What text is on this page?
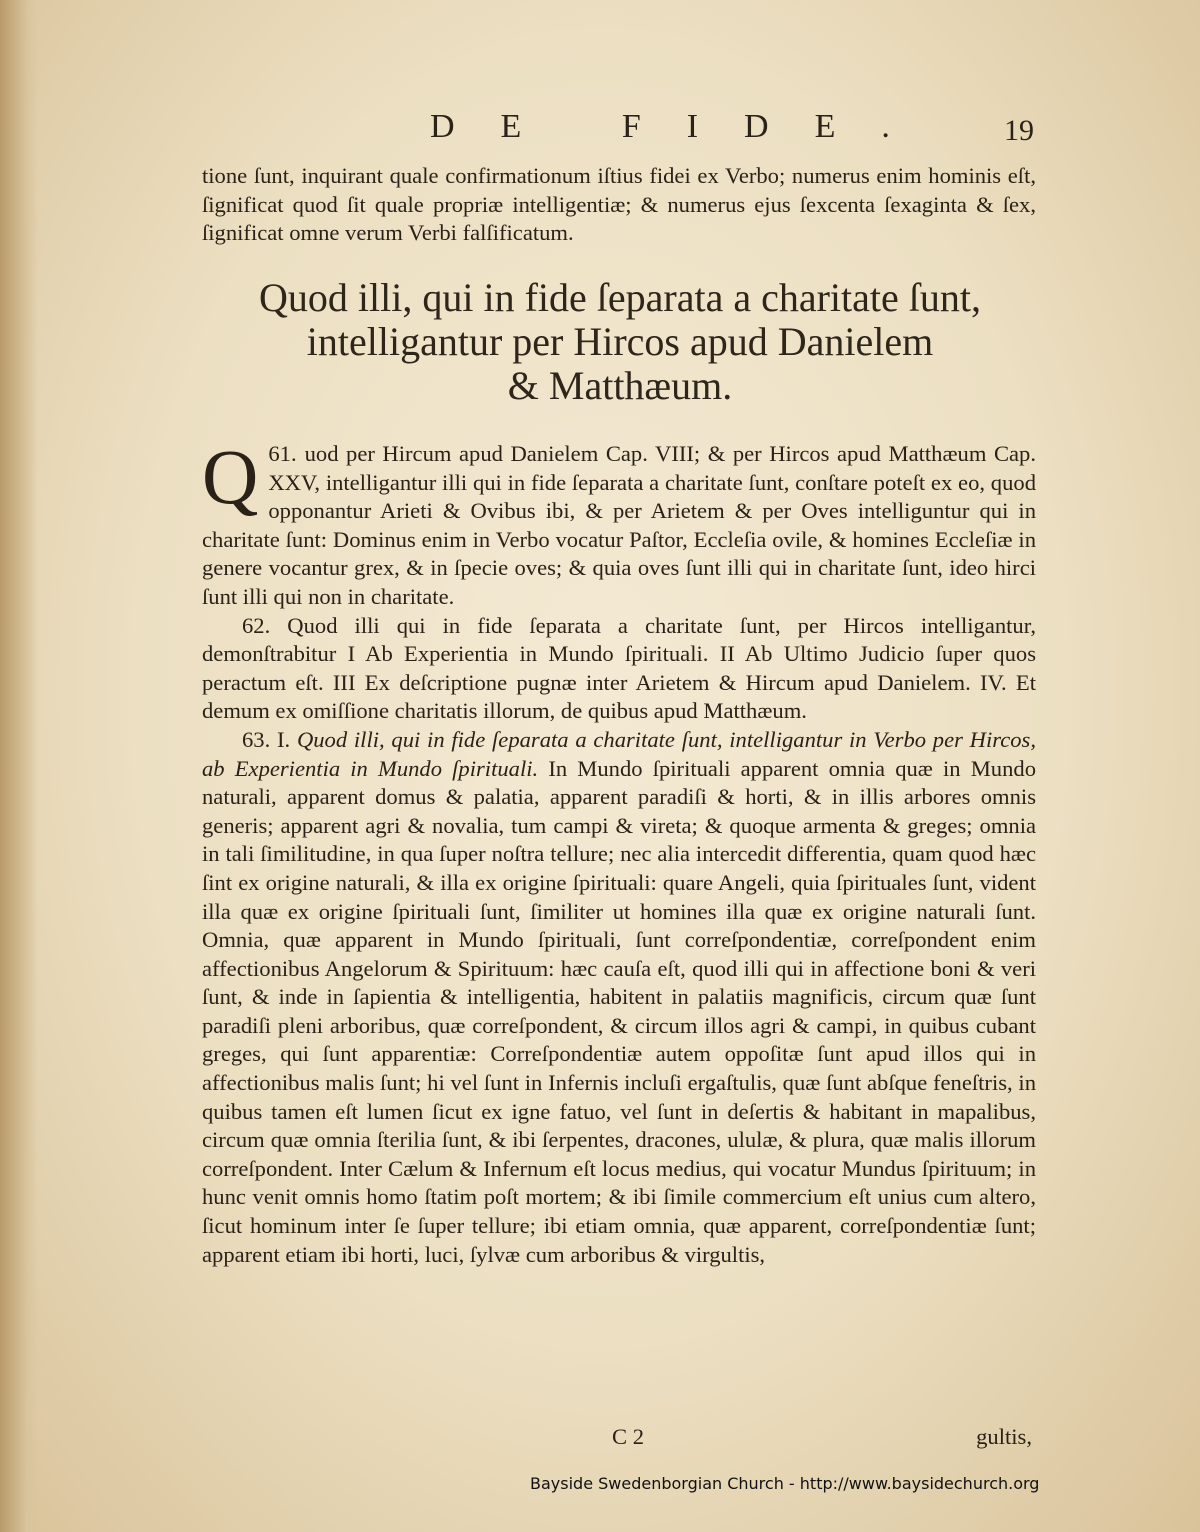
DE FIDE. 19

tione ſunt, inquirant quale confirmationum iſtius fidei ex Verbo; numerus enim hominis eſt, ſignificat quod ſit quale propriæ intelligentiæ; & numerus ejus ſexcenta ſexaginta & ſex, ſignificat omne verum Verbi falſificatum.

Quod illi, qui in fide ſeparata a charitate ſunt,
intelligantur per Hircos apud Danielem
& Matthæum.

61.
Q uod per Hircum apud Danielem Cap. VIII; & per Hircos apud Matthæum Cap. XXV, intelligantur illi qui in fide ſeparata a charitate ſunt, conſtare poteſt ex eo, quod opponantur Arieti & Ovibus ibi, & per Arietem & per Oves intelliguntur qui in charitate ſunt: Dominus enim in Verbo vocatur Paſtor, Eccleſia ovile, & homines Eccleſiæ in genere vocantur grex, & in ſpecie oves; & quia oves ſunt illi qui in charitate ſunt, ideo hirci ſunt illi qui non in charitate.

62. Quod illi qui in fide ſeparata a charitate ſunt, per Hircos intelligantur, demonſtrabitur I Ab Experientia in Mundo ſpirituali. II Ab Ultimo Judicio ſuper quos peractum eſt. III Ex deſcriptione pugnæ inter Arietem & Hircum apud Danielem. IV. Et demum ex omiſſione charitatis illorum, de quibus apud Matthæum.

63. I. Quod illi, qui in fide ſeparata a charitate ſunt, intelligantur in Verbo per Hircos, ab Experientia in Mundo ſpirituali. In Mundo ſpirituali apparent omnia quæ in Mundo naturali, apparent domus & palatia, apparent paradiſi & horti, & in illis arbores omnis generis; apparent agri & novalia, tum campi & vireta; & quoque armenta & greges; omnia in tali ſimilitudine, in qua ſuper noſtra tellure; nec alia intercedit differentia, quam quod hæc ſint ex origine naturali, & illa ex origine ſpirituali: quare Angeli, quia ſpirituales ſunt, vident illa quæ ex origine ſpirituali ſunt, ſimiliter ut homines illa quæ ex origine naturali ſunt. Omnia, quæ apparent in Mundo ſpirituali, ſunt correſpondentiæ, correſpondent enim affectionibus Angelorum & Spirituum: hæc cauſa eſt, quod illi qui in affectione boni & veri ſunt, & inde in ſapientia & intelligentia, habitent in palatiis magnificis, circum quæ ſunt paradiſi pleni arboribus, quæ correſpondent, & circum illos agri & campi, in quibus cubant greges, qui ſunt apparentiæ: Correſpondentiæ autem oppoſitæ ſunt apud illos qui in affectionibus malis ſunt; hi vel ſunt in Infernis incluſi ergaſtulis, quæ ſunt abſque feneſtris, in quibus tamen eſt lumen ſicut ex igne fatuo, vel ſunt in deſertis & habitant in mapalibus, circum quæ omnia ſterilia ſunt, & ibi ſerpentes, dracones, ululæ, & plura, quæ malis illorum correſpondent. Inter Cælum & Infernum eſt locus medius, qui vocatur Mundus ſpirituum; in hunc venit omnis homo ſtatim poſt mortem; & ibi ſimile commercium eſt unius cum altero, ſicut hominum inter ſe ſuper tellure; ibi etiam omnia, quæ apparent, correſpondentiæ ſunt; apparent etiam ibi horti, luci, ſylvæ cum arboribus & virgultis,

C 2	gultis,
Bayside Swedenborgian Church - http://www.baysidechurch.org
